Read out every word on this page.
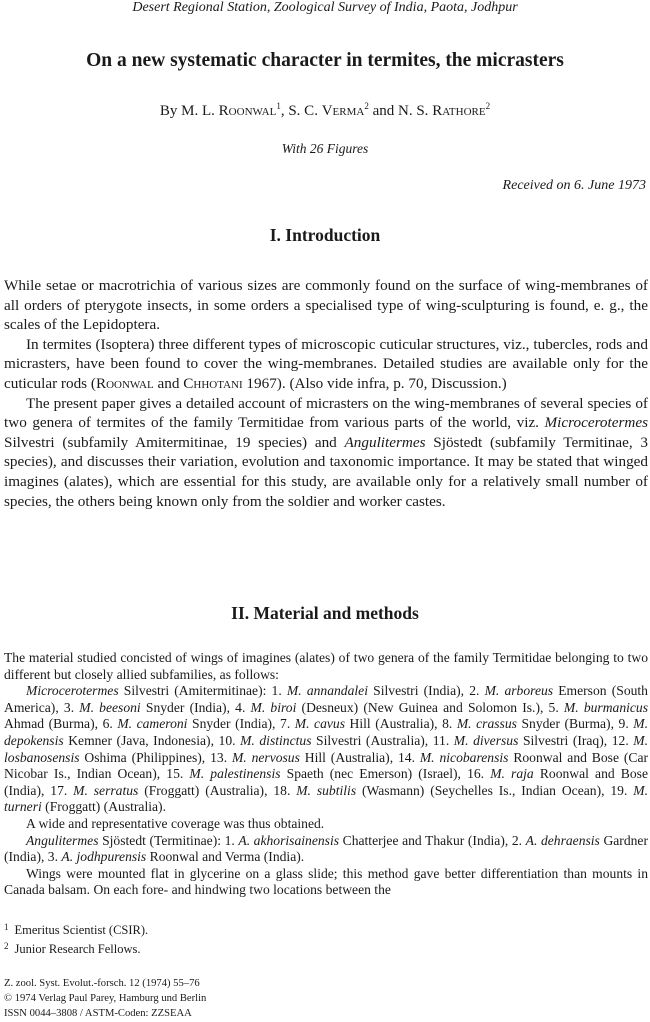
Desert Regional Station, Zoological Survey of India, Paota, Jodhpur
On a new systematic character in termites, the micrasters
By M. L. Roonwal$^1$, S. C. Verma$^2$ and N. S. Rathore$^2$
With 26 Figures
Received on 6. June 1973
I. Introduction

While setae or macrotrichia of various sizes are commonly found on the surface of wing-membranes of all orders of pterygote insects, in some orders a specialised type of wing-sculpturing is found, e. g., the scales of the Lepidoptera.

In termites (Isoptera) three different types of microscopic cuticular structures, viz., tubercles, rods and micrasters, have been found to cover the wing-membranes. Detailed studies are available only for the cuticular rods (Roonwal and Chhotani 1967). (Also vide infra, p. 70, Discussion.)

The present paper gives a detailed account of micrasters on the wing-membranes of several species of two genera of termites of the family Termitidae from various parts of the world, viz. Microcerotermes Silvestri (subfamily Amitermitinae, 19 species) and Angulitermes Sjöstedt (subfamily Termitinae, 3 species), and discusses their variation, evolution and taxonomic importance. It may be stated that winged imagines (alates), which are essential for this study, are available only for a relatively small number of species, the others being known only from the soldier and worker castes.

II. Material and methods

The material studied concisted of wings of imagines (alates) of two genera of the family Termitidae belonging to two different but closely allied subfamilies, as follows:

Microcerotermes Silvestri (Amitermitinae): 1. M. annandalei Silvestri (India), 2. M. arboreus Emerson (South America), 3. M. beesoni Snyder (India), 4. M. biroi (Desneux) (New Guinea and Solomon Is.), 5. M. burmanicus Ahmad (Burma), 6. M. cameroni Snyder (India), 7. M. cavus Hill (Australia), 8. M. crassus Snyder (Burma), 9. M. depokensis Kemner (Java, Indonesia), 10. M. distinctus Silvestri (Australia), 11. M. diversus Silvestri (Iraq), 12. M. losbanosensis Oshima (Philippines), 13. M. nervosus Hill (Australia), 14. M. nicobarensis Roonwal and Bose (Car Nicobar Is., Indian Ocean), 15. M. palestinensis Spaeth (nec Emerson) (Israel), 16. M. raja Roonwal and Bose (India), 17. M. serratus (Froggatt) (Australia), 18. M. subtilis (Wasmann) (Seychelles Is., Indian Ocean), 19. M. turneri (Froggatt) (Australia).

A wide and representative coverage was thus obtained.

Angulitermes Sjöstedt (Termitinae): 1. A. akhorisainensis Chatterjee and Thakur (India), 2. A. dehraensis Gardner (India), 3. A. jodhpurensis Roonwal and Verma (India).

Wings were mounted flat in glycerine on a glass slide; this method gave better differentiation than mounts in Canada balsam. On each fore- and hindwing two locations between the

$^1$ Emeritus Scientist (CSIR).
$^2$ Junior Research Fellows.
Z. zool. Syst. Evolut.-forsch. 12 (1974) 55–76
© 1974 Verlag Paul Parey, Hamburg und Berlin
ISSN 0044–3808 / ASTM-Coden: ZZSEAA
